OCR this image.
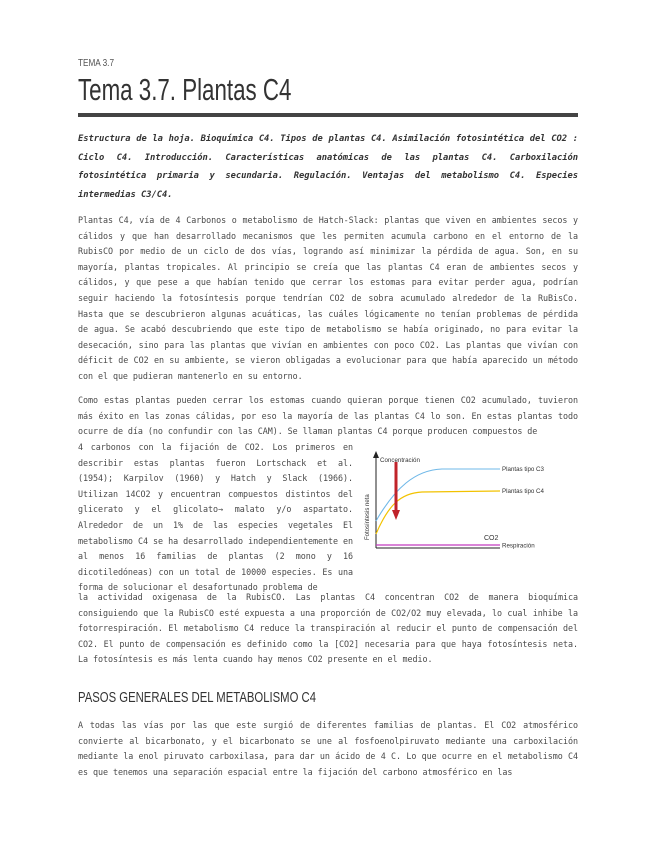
TEMA 3.7
Tema 3.7. Plantas C4

Estructura de la hoja. Bioquímica C4. Tipos de plantas C4. Asimilación fotosintética del CO2 : Ciclo C4. Introducción. Características anatómicas de las plantas C4. Carboxilación fotosintética primaria y secundaria. Regulación. Ventajas del metabolismo C4. Especies intermedias C3/C4.

Plantas C4, vía de 4 Carbonos o metabolismo de Hatch-Slack: plantas que viven en ambientes secos y cálidos y que han desarrollado mecanismos que les permiten acumula carbono en el entorno de la RubisCO por medio de un ciclo de dos vías, logrando así minimizar la pérdida de agua. Son, en su mayoría, plantas tropicales. Al principio se creía que las plantas C4 eran de ambientes secos y cálidos, y que pese a que habían tenido que cerrar los estomas para evitar perder agua, podrían seguir haciendo la fotosíntesis porque tendrían CO2 de sobra acumulado alrededor de la RuBisCo. Hasta que se descubrieron algunas acuáticas, las cuáles lógicamente no tenían problemas de pérdida de agua. Se acabó descubriendo que este tipo de metabolismo se había originado, no para evitar la desecación, sino para las plantas que vivían en ambientes con poco CO2. Las plantas que vivían con déficit de CO2 en su ambiente, se vieron obligadas a evolucionar para que había aparecido un método con el que pudieran mantenerlo en su entorno.

Como estas plantas pueden cerrar los estomas cuando quieran porque tienen CO2 acumulado, tuvieron más éxito en las zonas cálidas, por eso la mayoría de las plantas C4 lo son. En estas plantas todo ocurre de día (no confundir con las CAM). Se llaman plantas C4 porque producen compuestos de

4 carbonos con la fijación de CO2. Los primeros en describir estas plantas fueron Lortschack et al. (1954); Karpilov (1960) y Hatch y Slack (1966). Utilizan 14CO2 y encuentran compuestos distintos del glicerato y el glicolato→ malato y/o aspartato. Alrededor de un 1% de las especies vegetales El metabolismo C4 se ha desarrollado independientemente en al menos 16 familias de plantas (2 mono y 16 dicotiledóneas) con un total de 10000 especies. Es una forma de solucionar el desafortunado problema de

Respiración
Plantas tipo C3
Plantas tipo C4
Concentración
Fotosíntesis neta	CO2

la actividad oxigenasa de la RubisCO. Las plantas C4 concentran CO2 de manera bioquímica consiguiendo que la RubisCO esté expuesta a una proporción de CO2/O2 muy elevada, lo cual inhibe la fotorrespiración. El metabolismo C4 reduce la transpiración al reducir el punto de compensación del CO2. El punto de compensación es definido como la [CO2] necesaria para que haya fotosíntesis neta. La fotosíntesis es más lenta cuando hay menos CO2 presente en el medio.

PASOS GENERALES DEL METABOLISMO C4

A todas las vías por las que este surgió de diferentes familias de plantas. El CO2 atmosférico convierte al bicarbonato, y el bicarbonato se une al fosfoenolpiruvato mediante una carboxilación mediante la enol piruvato carboxilasa, para dar un ácido de 4 C. Lo que ocurre en el metabolismo C4 es que tenemos una separación espacial entre la fijación del carbono atmosférico en las
